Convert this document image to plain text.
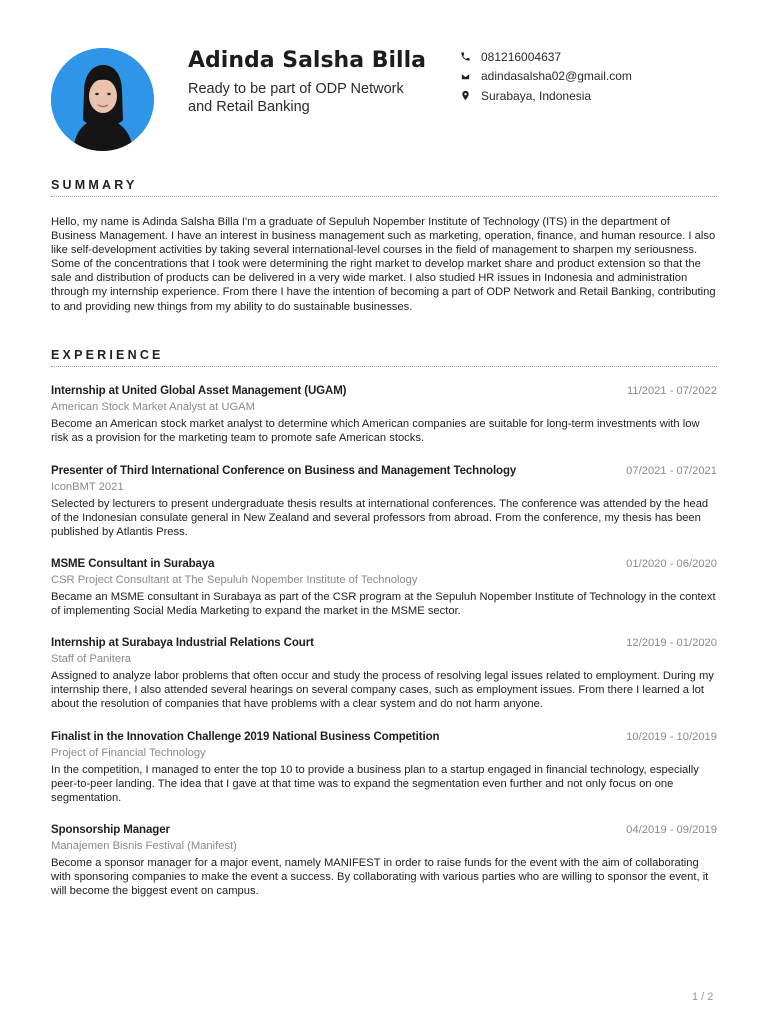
Adinda Salsha Billa
Ready to be part of ODP Network and Retail Banking
081216004637
adindasalsha02@gmail.com
Surabaya, Indonesia
SUMMARY
Hello, my name is Adinda Salsha Billa I'm a graduate of Sepuluh Nopember Institute of Technology (ITS) in the department of Business Management. I have an interest in business management such as marketing, operation, finance, and human resource. I also like self-development activities by taking several international-level courses in the field of management to sharpen my seriousness. Some of the concentrations that I took were determining the right market to develop market share and product extension so that the sale and distribution of products can be delivered in a very wide market. I also studied HR issues in Indonesia and administration through my internship experience. From there I have the intention of becoming a part of ODP Network and Retail Banking, contributing to and providing new things from my ability to do sustainable businesses.
EXPERIENCE
Internship at United Global Asset Management (UGAM)	11/2021 - 07/2022
American Stock Market Analyst at UGAM
Become an American stock market analyst to determine which American companies are suitable for long-term investments with low risk as a provision for the marketing team to promote safe American stocks.
Presenter of Third International Conference on Business and Management Technology	07/2021 - 07/2021
IconBMT 2021
Selected by lecturers to present undergraduate thesis results at international conferences. The conference was attended by the head of the Indonesian consulate general in New Zealand and several professors from abroad. From the conference, my thesis has been published by Atlantis Press.
MSME Consultant in Surabaya	01/2020 - 06/2020
CSR Project Consultant at The Sepuluh Nopember Institute of Technology
Became an MSME consultant in Surabaya as part of the CSR program at the Sepuluh Nopember Institute of Technology in the context of implementing Social Media Marketing to expand the market in the MSME sector.
Internship at Surabaya Industrial Relations Court	12/2019 - 01/2020
Staff of Panitera
Assigned to analyze labor problems that often occur and study the process of resolving legal issues related to employment. During my internship there, I also attended several hearings on several company cases, such as employment issues. From there I learned a lot about the resolution of companies that have problems with a clear system and do not harm anyone.
Finalist in the Innovation Challenge 2019 National Business Competition	10/2019 - 10/2019
Project of Financial Technology
In the competition, I managed to enter the top 10 to provide a business plan to a startup engaged in financial technology, especially peer-to-peer landing. The idea that I gave at that time was to expand the segmentation even further and not only focus on one segmentation.
Sponsorship Manager	04/2019 - 09/2019
Manajemen Bisnis Festival (Manifest)
Become a sponsor manager for a major event, namely MANIFEST in order to raise funds for the event with the aim of collaborating with sponsoring companies to make the event a success. By collaborating with various parties who are willing to sponsor the event, it will become the biggest event on campus.
1 / 2
